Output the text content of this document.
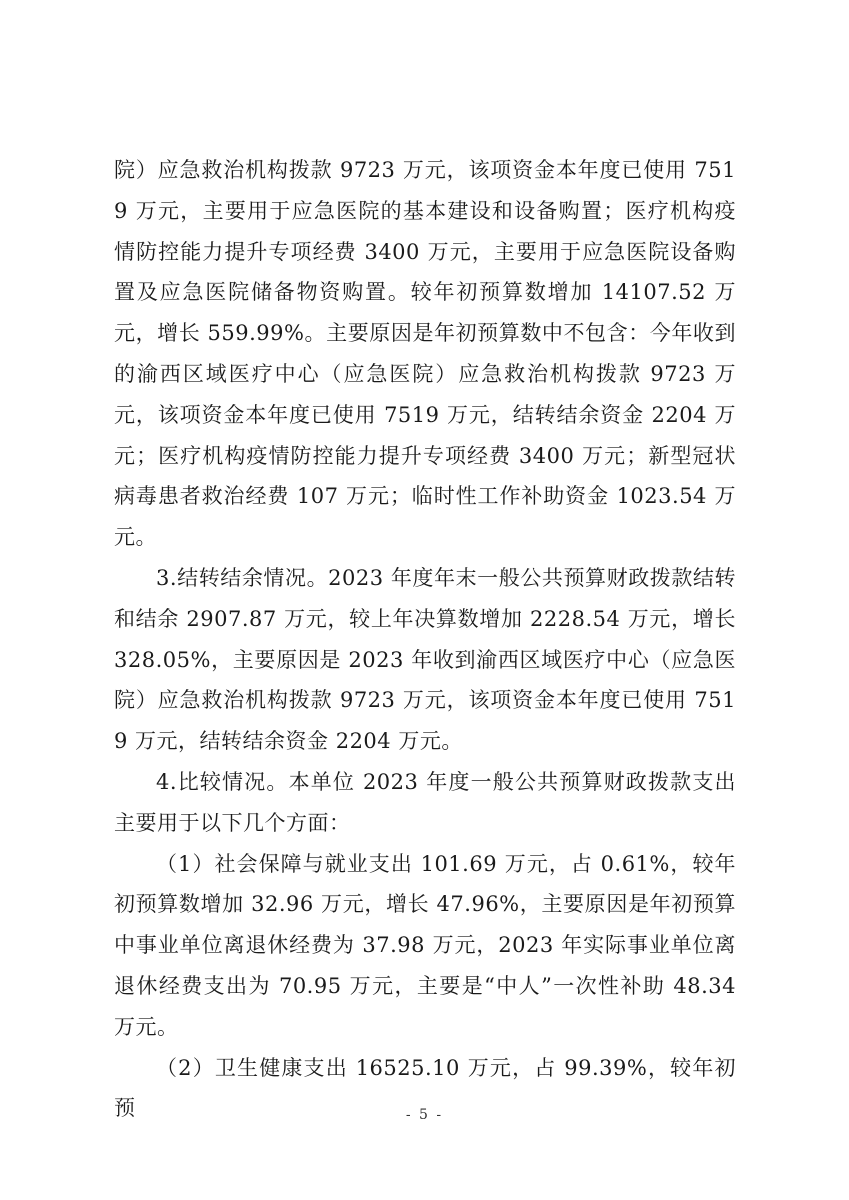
院）应急救治机构拨款 9723 万元，该项资金本年度已使用 7519 万元，主要用于应急医院的基本建设和设备购置；医疗机构疫情防控能力提升专项经费 3400 万元，主要用于应急医院设备购置及应急医院储备物资购置。较年初预算数增加 14107.52 万元，增长 559.99%。主要原因是年初预算数中不包含：今年收到的渝西区域医疗中心（应急医院）应急救治机构拨款 9723 万元，该项资金本年度已使用 7519 万元，结转结余资金 2204 万元；医疗机构疫情防控能力提升专项经费 3400 万元；新型冠状病毒患者救治经费 107 万元；临时性工作补助资金 1023.54 万元。

3.结转结余情况。2023 年度年末一般公共预算财政拨款结转和结余 2907.87 万元，较上年决算数增加 2228.54 万元，增长 328.05%，主要原因是 2023 年收到渝西区域医疗中心（应急医院）应急救治机构拨款 9723 万元，该项资金本年度已使用 7519 万元，结转结余资金 2204 万元。

4.比较情况。本单位 2023 年度一般公共预算财政拨款支出主要用于以下几个方面：

（1）社会保障与就业支出 101.69 万元，占 0.61%，较年初预算数增加 32.96 万元，增长 47.96%，主要原因是年初预算中事业单位离退休经费为 37.98 万元，2023 年实际事业单位离退休经费支出为 70.95 万元，主要是“中人”一次性补助 48.34 万元。

（2）卫生健康支出 16525.10 万元，占 99.39%，较年初预	- 5 -
